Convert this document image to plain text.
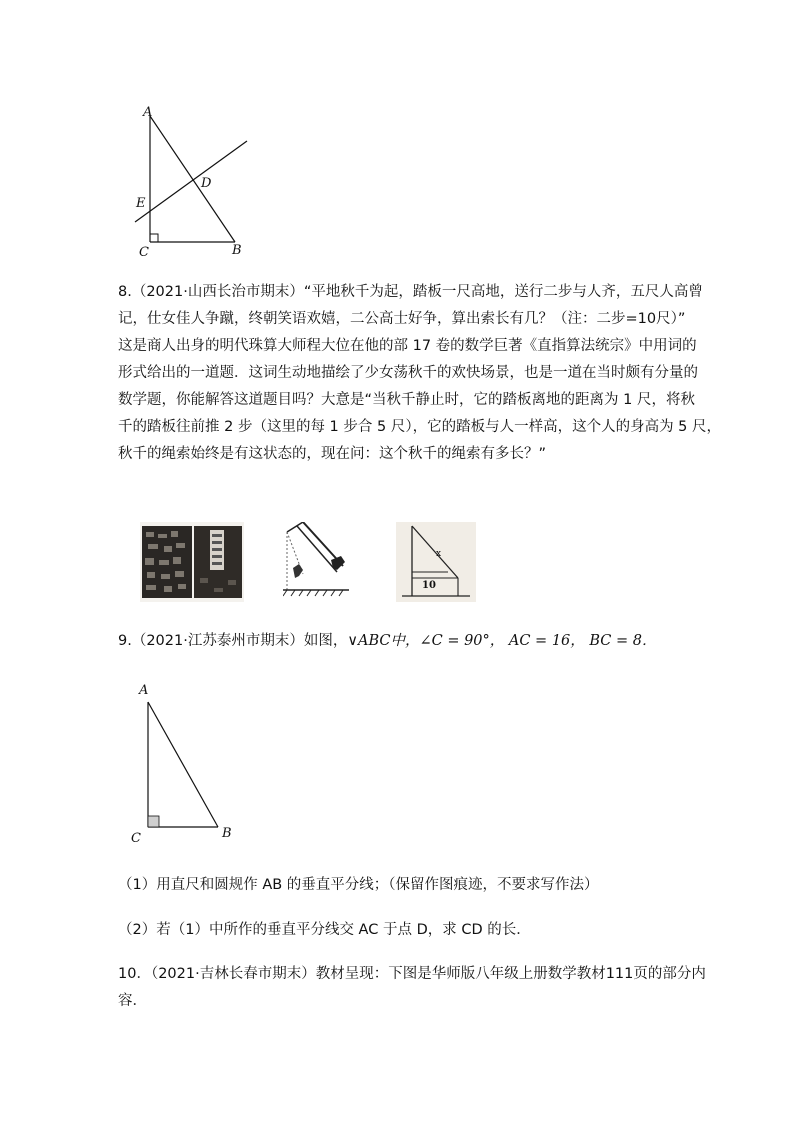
A
D
E
C	B
8.（2021·山西长治市期末）“平地秋千为起，踏板一尺高地，送行二步与人齐，五尺人高曾
记，仕女佳人争蹴，终朝笑语欢嬉，二公高士好争，算出索长有几？（注：二步=10尺）”
这是商人出身的明代珠算大师程大位在他的部 17 卷的数学巨著《直指算法统宗》中用词的
形式给出的一道题．这词生动地描绘了少女荡秋千的欢快场景，也是一道在当时颇有分量的
数学题，你能解答这道题目吗？大意是“当秋千静止时，它的踏板离地的距离为 1 尺，将秋
千的踏板往前推 2 步（这里的每 1 步合 5 尺），它的踏板与人一样高，这个人的身高为 5 尺，
秋千的绳索始终是有这状态的，现在问：这个秋千的绳索有多长？”
x
10
9.（2021·江苏泰州市期末）如图，∨ABC中，∠C = 90°， AC = 16， BC = 8．
A
C	B
（1）用直尺和圆规作 AB 的垂直平分线；（保留作图痕迹，不要求写作法）
（2）若（1）中所作的垂直平分线交 AC 于点 D，求 CD 的长．
10．（2021·吉林长春市期末）教材呈现：下图是华师版八年级上册数学教材111页的部分内
容．
